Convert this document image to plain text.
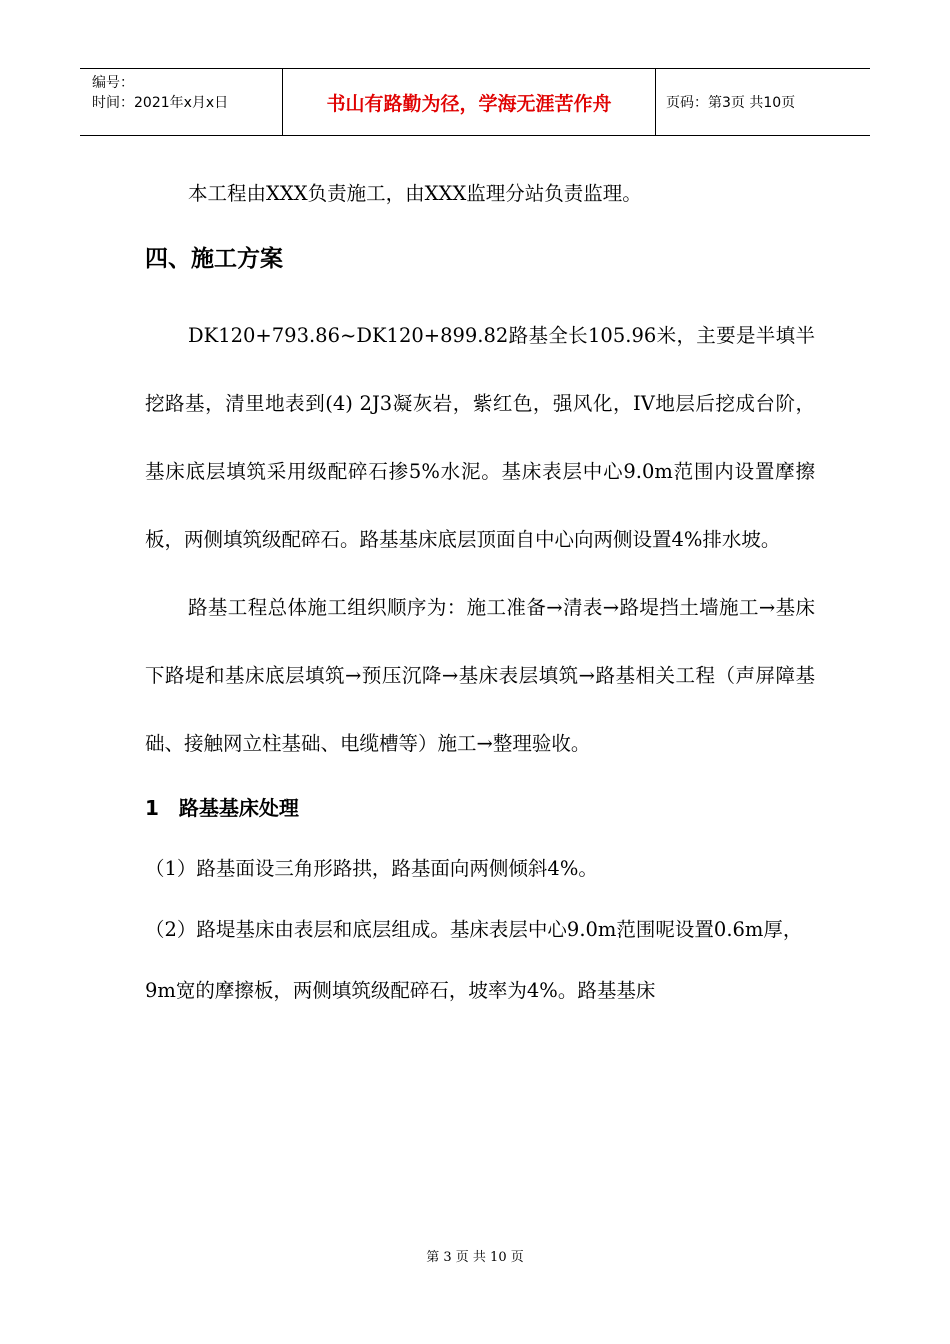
编号：
时间：2021年x月x日	书山有路勤为径，学海无涯苦作舟	页码：第3页 共10页

本工程由XXX负责施工，由XXX监理分站负责监理。

四、施工方案

DK120+793.86~DK120+899.82路基全长105.96米，主要是半填半挖路基，清里地表到(4) 2J3凝灰岩，紫红色，强风化，IV地层后挖成台阶，基床底层填筑采用级配碎石掺5%水泥。基床表层中心9.0m范围内设置摩擦板，两侧填筑级配碎石。路基基床底层顶面自中心向两侧设置4%排水坡。

路基工程总体施工组织顺序为：施工准备→清表→路堤挡土墙施工→基床下路堤和基床底层填筑→预压沉降→基床表层填筑→路基相关工程（声屏障基础、接触网立柱基础、电缆槽等）施工→整理验收。

1　路基基床处理

（1）路基面设三角形路拱，路基面向两侧倾斜4%。

（2）路堤基床由表层和底层组成。基床表层中心9.0m范围呢设置0.6m厚，9m宽的摩擦板，两侧填筑级配碎石，坡率为4%。路基基床

第 3 页 共 10 页
